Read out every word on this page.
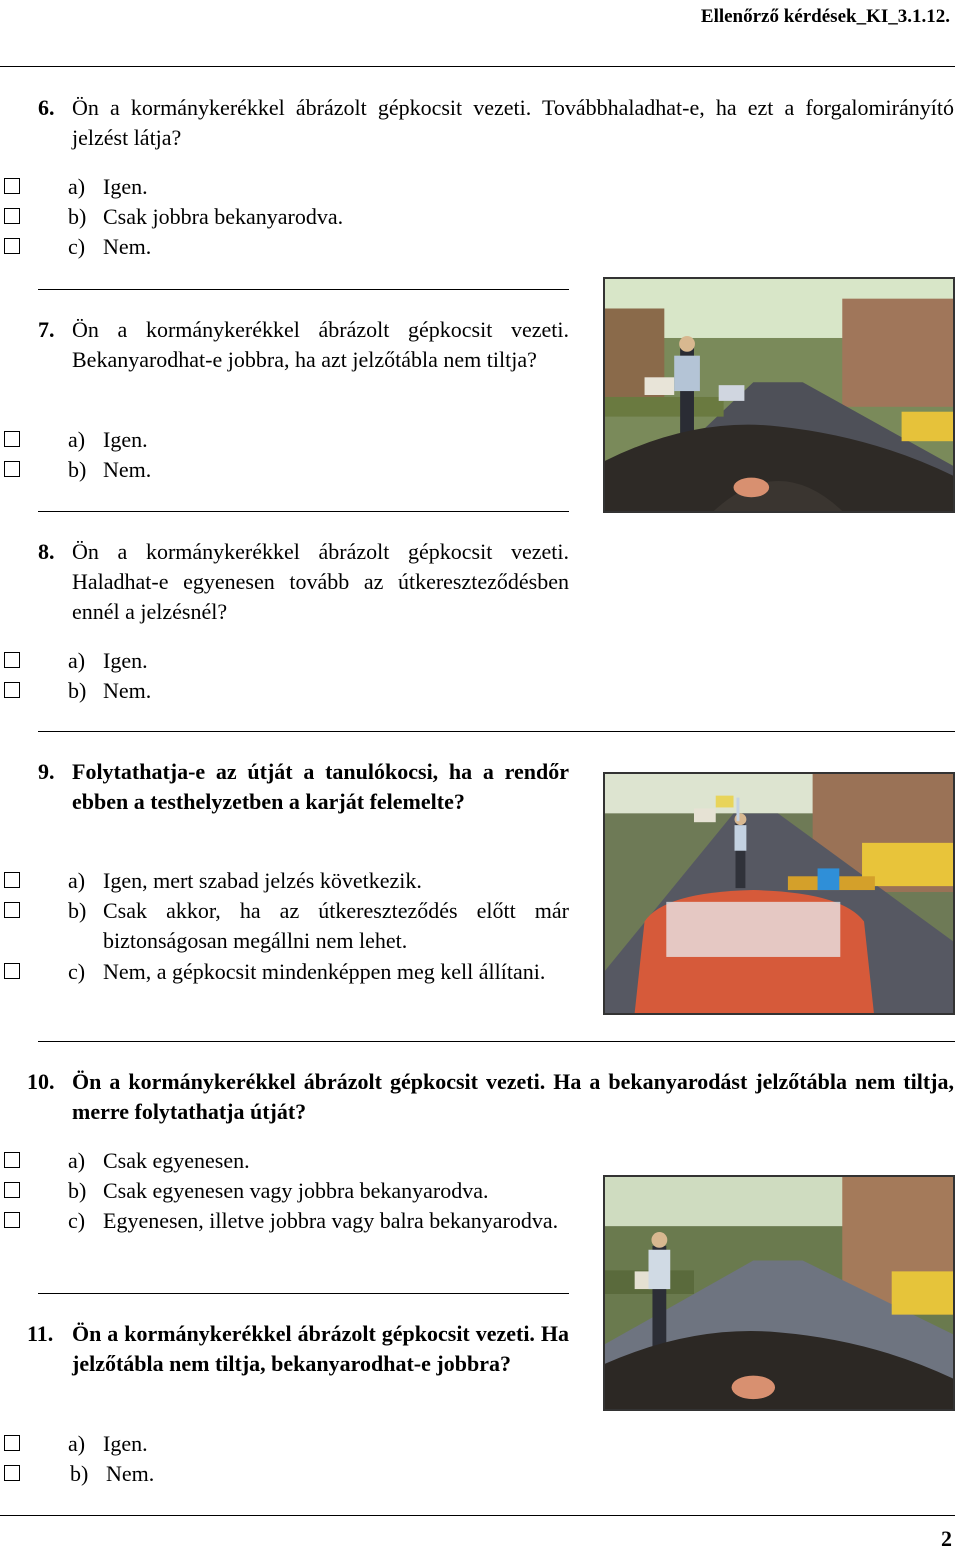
Ellenőrző kérdések_KI_3.1.12.
6. Ön a kormánykerékkel ábrázolt gépkocsit vezeti. Továbbhaladhat-e, ha ezt a forgalomirányító jelzést látja?
a) Igen.
b) Csak jobbra bekanyarodva.
c) Nem.
7. Ön a kormánykerékkel ábrázolt gépkocsit vezeti. Bekanyarodhat-e jobbra, ha azt jelzőtábla nem tiltja?
a) Igen.
b) Nem.
8. Ön a kormánykerékkel ábrázolt gépkocsit vezeti. Haladhat-e egyenesen tovább az útkereszteződésben ennél a jelzésnél?
a) Igen.
b) Nem.
9. Folytathatja-e az útját a tanulókocsi, ha a rendőr ebben a testhelyzetben a karját felemelte?
a) Igen, mert szabad jelzés következik.
b) Csak akkor, ha az útkereszteződés előtt már biztonságosan megállni nem lehet.
c) Nem, a gépkocsit mindenképpen meg kell állítani.
10. Ön a kormánykerékkel ábrázolt gépkocsit vezeti. Ha a bekanyarodást jelzőtábla nem tiltja, merre folytathatja útját?
a) Csak egyenesen.
b) Csak egyenesen vagy jobbra bekanyarodva.
c) Egyenesen, illetve jobbra vagy balra bekanyarodva.
11. Ön a kormánykerékkel ábrázolt gépkocsit vezeti. Ha jelzőtábla nem tiltja, bekanyarodhat-e jobbra?
a) Igen.
b) Nem.
2
